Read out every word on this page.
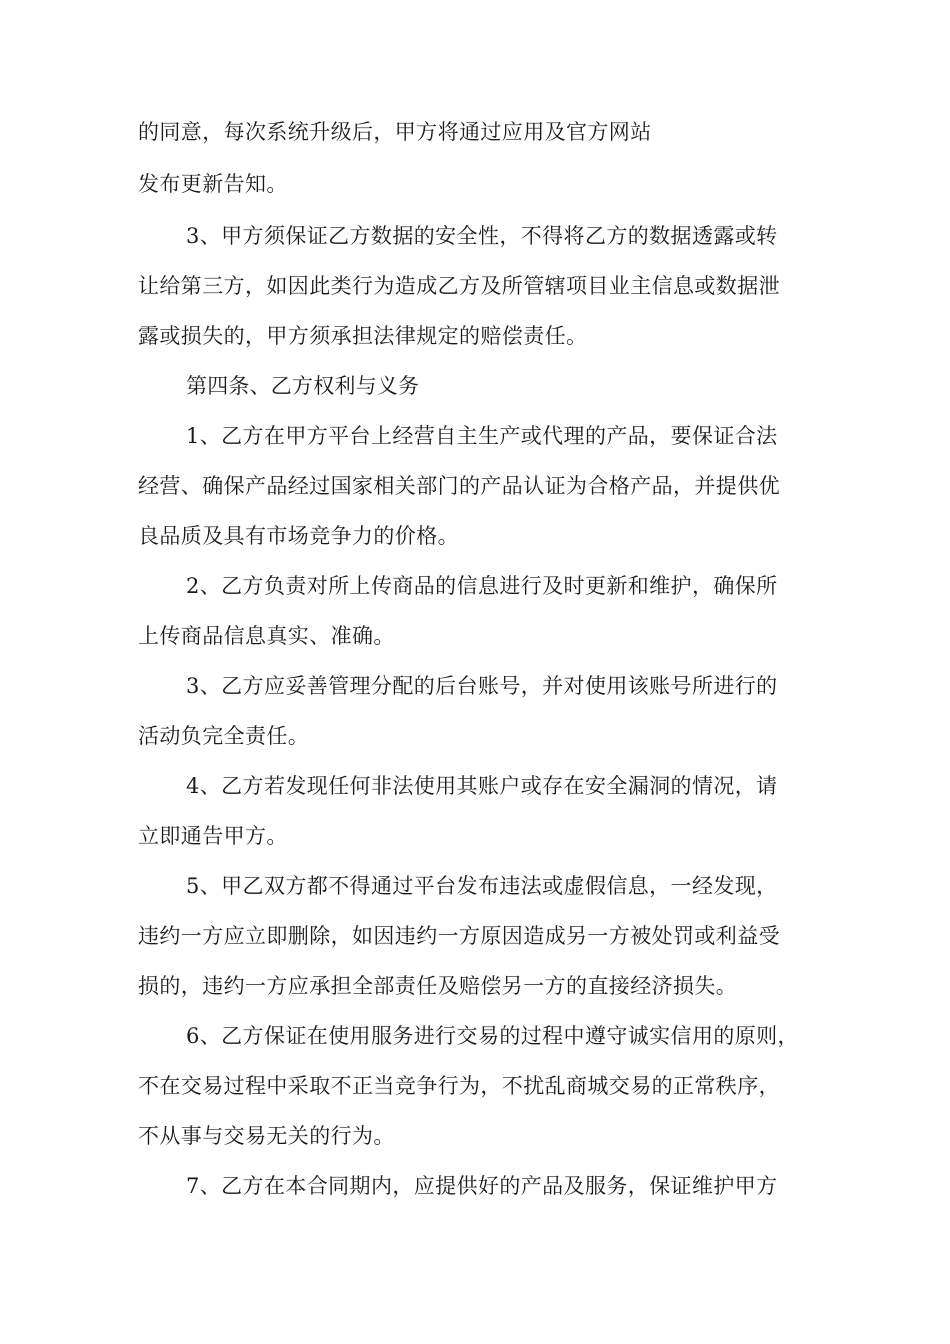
的同意，每次系统升级后，甲方将通过应用及官方网站
发布更新告知。
3、甲方须保证乙方数据的安全性，不得将乙方的数据透露或转
让给第三方，如因此类行为造成乙方及所管辖项目业主信息或数据泄
露或损失的，甲方须承担法律规定的赔偿责任。
第四条、乙方权利与义务
1、乙方在甲方平台上经营自主生产或代理的产品，要保证合法
经营、确保产品经过国家相关部门的产品认证为合格产品，并提供优
良品质及具有市场竞争力的价格。
2、乙方负责对所上传商品的信息进行及时更新和维护，确保所
上传商品信息真实、准确。
3、乙方应妥善管理分配的后台账号，并对使用该账号所进行的
活动负完全责任。
4、乙方若发现任何非法使用其账户或存在安全漏洞的情况，请
立即通告甲方。
5、甲乙双方都不得通过平台发布违法或虚假信息，一经发现，
违约一方应立即删除，如因违约一方原因造成另一方被处罚或利益受
损的，违约一方应承担全部责任及赔偿另一方的直接经济损失。
6、乙方保证在使用服务进行交易的过程中遵守诚实信用的原则，
不在交易过程中采取不正当竞争行为，不扰乱商城交易的正常秩序，
不从事与交易无关的行为。
7、乙方在本合同期内，应提供好的产品及服务，保证维护甲方
